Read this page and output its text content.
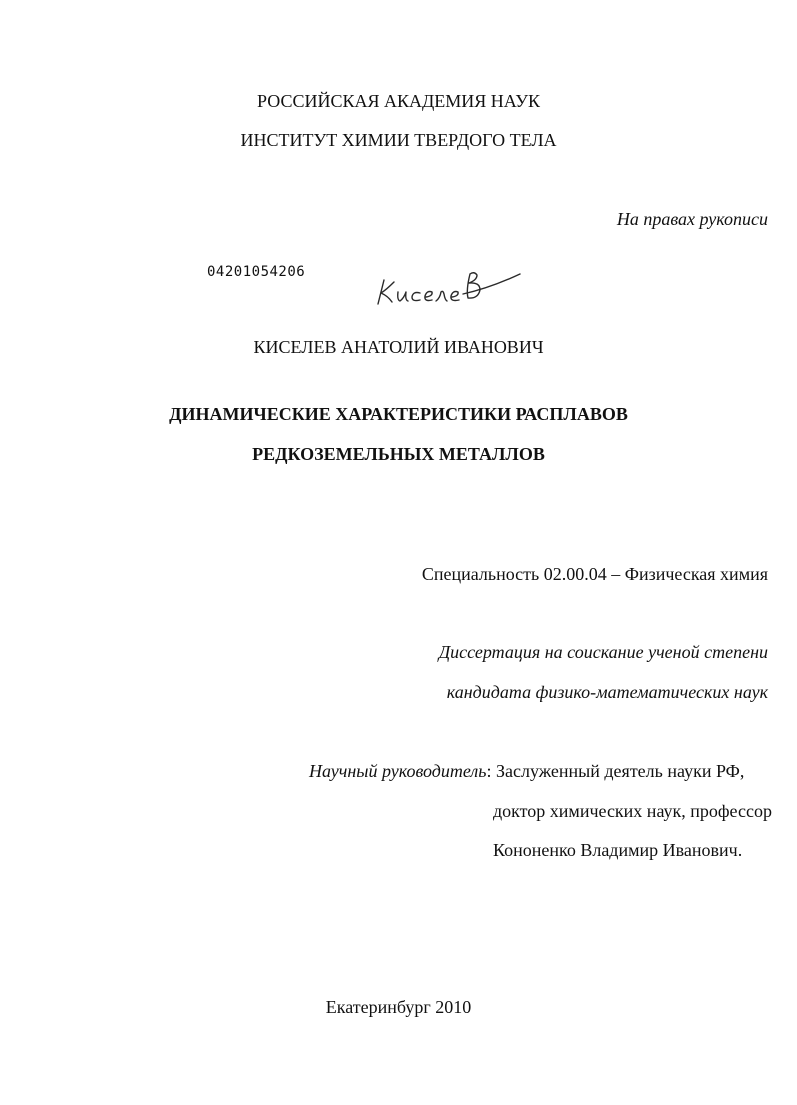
РОССИЙСКАЯ АКАДЕМИЯ НАУК
ИНСТИТУТ ХИМИИ ТВЕРДОГО ТЕЛА
На правах рукописи
04201054206
КИСЕЛЕВ АНАТОЛИЙ ИВАНОВИЧ
ДИНАМИЧЕСКИЕ ХАРАКТЕРИСТИКИ РАСПЛАВОВ
РЕДКОЗЕМЕЛЬНЫХ МЕТАЛЛОВ
Специальность 02.00.04 – Физическая химия
Диссертация на соискание ученой степени
кандидата физико-математических наук
Научный руководитель: Заслуженный деятель науки РФ,
доктор химических наук, профессор
Кононенко Владимир Иванович.
Екатеринбург 2010
